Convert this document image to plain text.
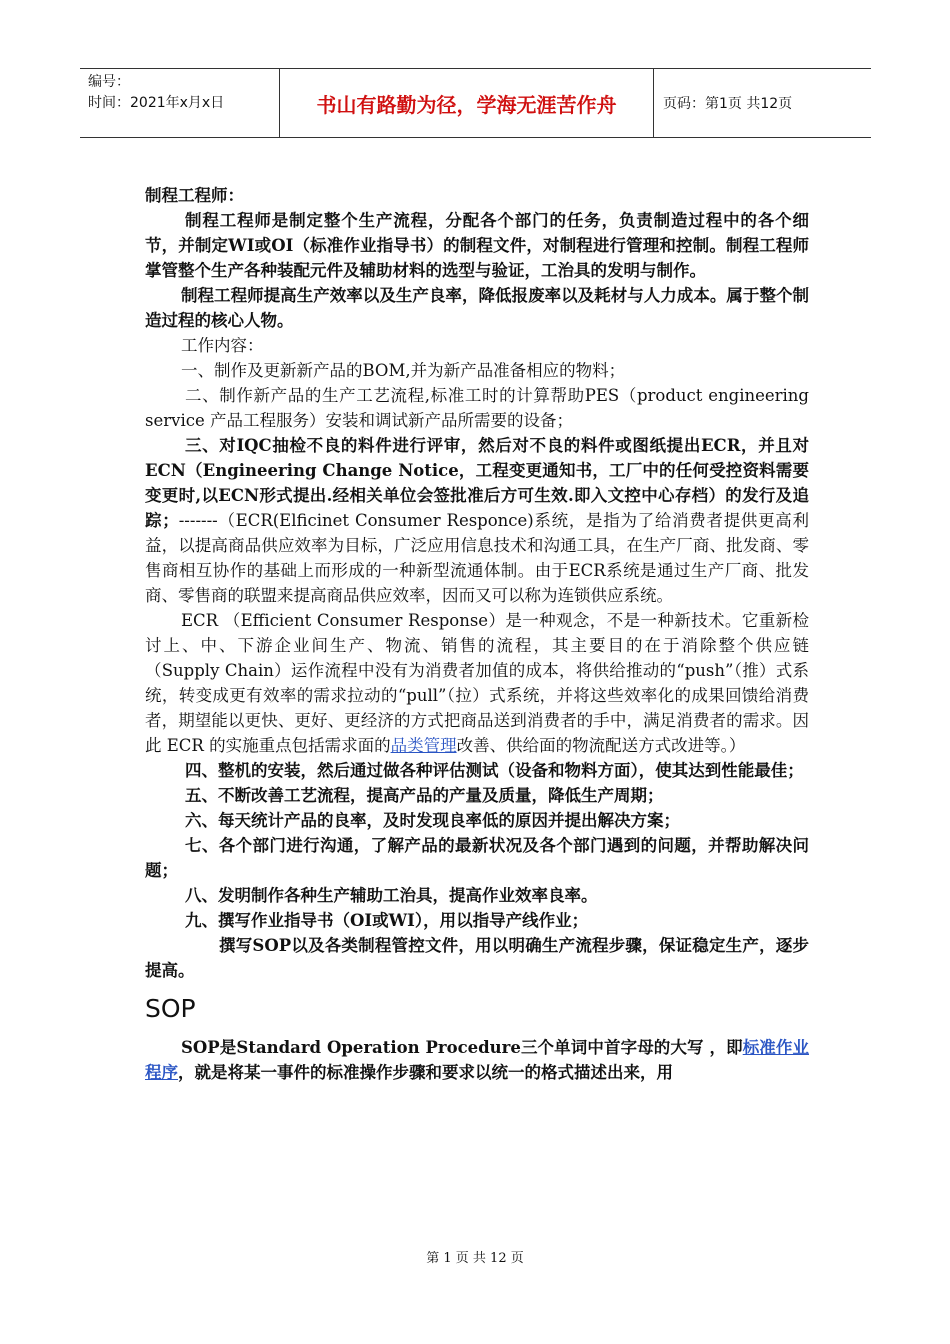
编号：
时间：2021年x月x日	书山有路勤为径，学海无涯苦作舟	页码：第1页 共12页

制程工程师：

制程工程师是制定整个生产流程，分配各个部门的任务，负责制造过程中的各个细节，并制定WI或OI（标准作业指导书）的制程文件，对制程进行管理和控制。制程工程师掌管整个生产各种装配元件及辅助材料的选型与验证，工治具的发明与制作。

制程工程师提高生产效率以及生产良率，降低报废率以及耗材与人力成本。属于整个制造过程的核心人物。

工作内容：

一、制作及更新新产品的BOM,并为新产品准备相应的物料；

二、制作新产品的生产工艺流程,标准工时的计算帮助PES（product engineering service 产品工程服务）安装和调试新产品所需要的设备；

三、对IQC抽检不良的料件进行评审，然后对不良的料件或图纸提出ECR，并且对ECN（Engineering Change Notice，工程变更通知书，工厂中的任何受控资料需要变更时,以ECN形式提出.经相关单位会签批准后方可生效.即入文控中心存档）的发行及追踪；-------（ECR(Elficinet Consumer Responce)系统，是指为了给消费者提供更高利益，以提高商品供应效率为目标，广泛应用信息技术和沟通工具，在生产厂商、批发商、零售商相互协作的基础上而形成的一种新型流通体制。由于ECR系统是通过生产厂商、批发商、零售商的联盟来提高商品供应效率，因而又可以称为连锁供应系统。

ECR （Efficient Consumer Response）是一种观念，不是一种新技术。它重新检讨上、中、下游企业间生产、物流、销售的流程，其主要目的在于消除整个供应链（Supply Chain）运作流程中没有为消费者加值的成本，将供给推动的“push”（推）式系统，转变成更有效率的需求拉动的“pull”（拉）式系统，并将这些效率化的成果回馈给消费者，期望能以更快、更好、更经济的方式把商品送到消费者的手中，满足消费者的需求。因此 ECR 的实施重点包括需求面的品类管理改善、供给面的物流配送方式改进等。）

四、整机的安装，然后通过做各种评估测试（设备和物料方面），使其达到性能最佳；

五、不断改善工艺流程，提高产品的产量及质量，降低生产周期；

六、每天统计产品的良率，及时发现良率低的原因并提出解决方案；

七、各个部门进行沟通，了解产品的最新状况及各个部门遇到的问题，并帮助解决问题；

八、发明制作各种生产辅助工治具，提高作业效率良率。

九、撰写作业指导书（OI或WI），用以指导产线作业；

撰写SOP以及各类制程管控文件，用以明确生产流程步骤，保证稳定生产，逐步提高。

SOP

SOP是Standard Operation Procedure三个单词中首字母的大写 ，即标准作业程序，就是将某一事件的标准操作步骤和要求以统一的格式描述出来，用

第 1 页 共 12 页
